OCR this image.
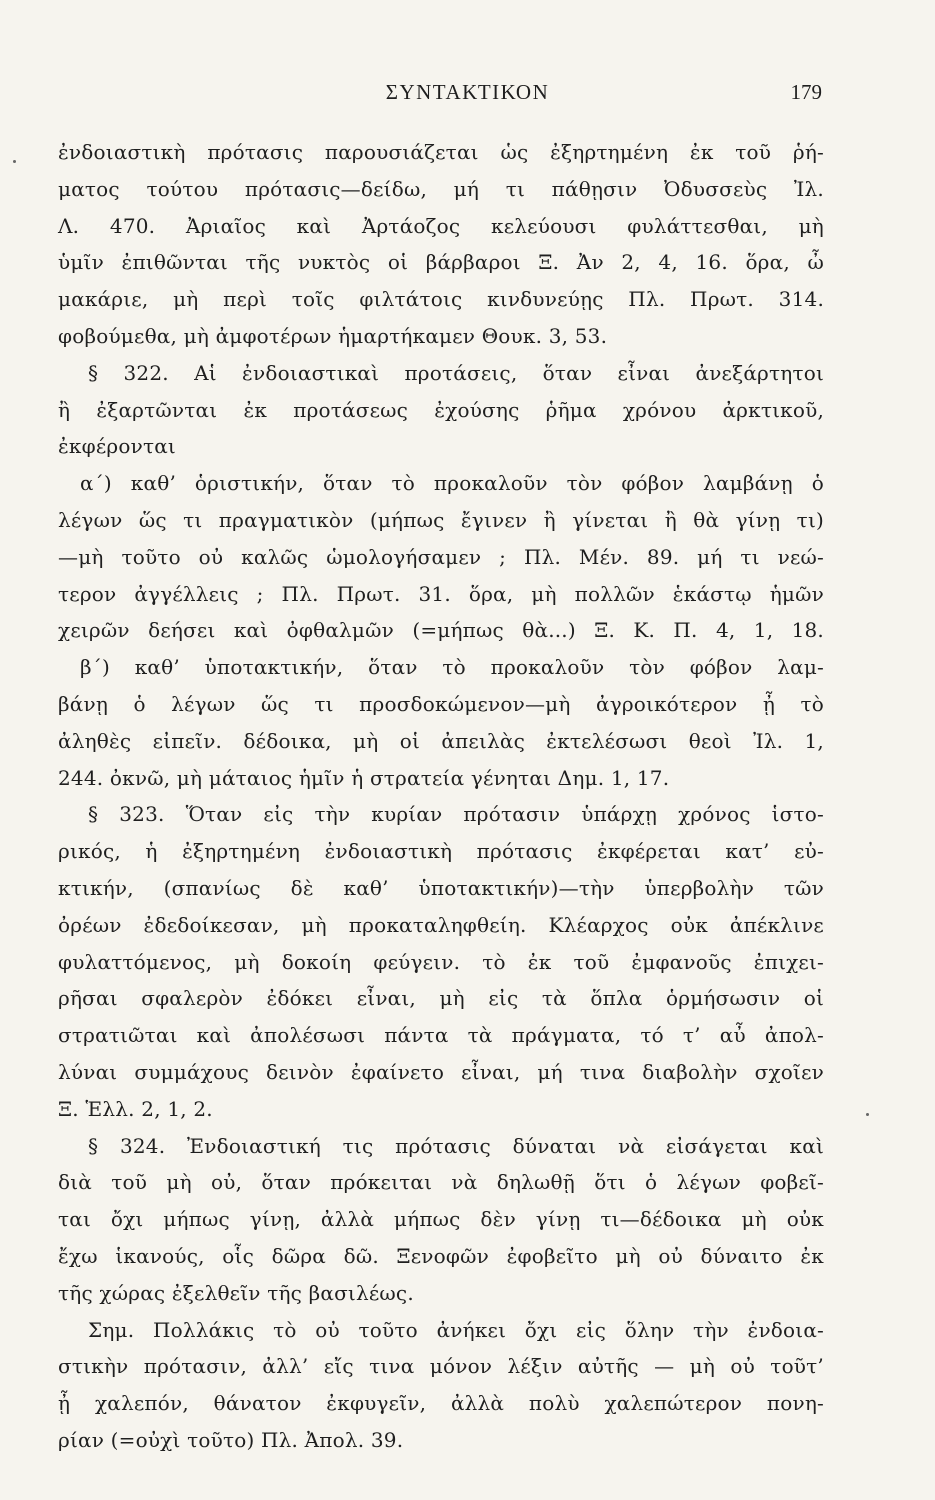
ΣΥΝΤΑΚΤΙΚΟΝ	179
ἐνδοιαστικὴ πρότασις παρουσιάζεται ὡς ἐξηρτημένη ἐκ τοῦ ῥή-
ματος τούτου πρότασις—δείδω, μή τι πάθῃσιν Ὀδυσσεὺς Ἰλ.
Λ. 470. Ἀριαῖος καὶ Ἀρτάοζος κελεύουσι φυλάττεσθαι, μὴ
ὑμῖν ἐπιθῶνται τῆς νυκτὸς οἱ βάρβαροι Ξ. Ἀν 2, 4, 16. ὅρα, ὦ
μακάριε, μὴ περὶ τοῖς φιλτάτοις κινδυνεύῃς Πλ. Πρωτ. 314.
φοβούμεθα, μὴ ἀμφοτέρων ἡμαρτήκαμεν Θουκ. 3, 53.
§ 322. Αἱ ἐνδοιαστικαὶ προτάσεις, ὅταν εἶναι ἀνεξάρτητοι
ἢ ἐξαρτῶνται ἐκ προτάσεως ἐχούσης ῥῆμα χρόνου ἀρκτικοῦ,
ἐκφέρονται
α΄) καθ’ ὁριστικήν, ὅταν τὸ προκαλοῦν τὸν φόβον λαμβάνῃ ὁ
λέγων ὥς τι πραγματικὸν (μήπως ἔγινεν ἢ γίνεται ἢ θὰ γίνῃ τι)
—μὴ τοῦτο οὐ καλῶς ὡμολογήσαμεν ; Πλ. Μέν. 89. μή τι νεώ-
τερον ἀγγέλλεις ; Πλ. Πρωτ. 31. ὅρα, μὴ πολλῶν ἑκάστῳ ἡμῶν
χειρῶν δεήσει καὶ ὀφθαλμῶν (=μήπως θὰ...) Ξ. Κ. Π. 4, 1, 18.
β΄) καθ’ ὑποτακτικήν, ὅταν τὸ προκαλοῦν τὸν φόβον λαμ-
βάνῃ ὁ λέγων ὥς τι προσδοκώμενον—μὴ ἀγροικότερον ᾖ τὸ
ἀληθὲς εἰπεῖν. δέδοικα, μὴ οἱ ἀπειλὰς ἐκτελέσωσι θεοὶ Ἰλ. 1,
244. ὀκνῶ, μὴ μάταιος ἡμῖν ἡ στρατεία γένηται Δημ. 1, 17.
§ 323. Ὅταν εἰς τὴν κυρίαν πρότασιν ὑπάρχῃ χρόνος ἱστο-
ρικός, ἡ ἐξηρτημένη ἐνδοιαστικὴ πρότασις ἐκφέρεται κατ’ εὐ-
κτικήν, (σπανίως δὲ καθ’ ὑποτακτικήν)—τὴν ὑπερβολὴν τῶν
ὀρέων ἐδεδοίκεσαν, μὴ προκαταληφθείη. Κλέαρχος οὐκ ἀπέκλινε
φυλαττόμενος, μὴ δοκοίη φεύγειν. τὸ ἐκ τοῦ ἐμφανοῦς ἐπιχει-
ρῆσαι σφαλερὸν ἐδόκει εἶναι, μὴ εἰς τὰ ὅπλα ὁρμήσωσιν οἱ
στρατιῶται καὶ ἀπολέσωσι πάντα τὰ πράγματα, τό τ’ αὖ ἀπολ-
λύναι συμμάχους δεινὸν ἐφαίνετο εἶναι, μή τινα διαβολὴν σχοῖεν
Ξ. Ἑλλ. 2, 1, 2.
§ 324. Ἐνδοιαστική τις πρότασις δύναται νὰ εἰσάγεται καὶ
διὰ τοῦ μὴ οὐ, ὅταν πρόκειται νὰ δηλωθῇ ὅτι ὁ λέγων φοβεῖ-
ται ὄχι μήπως γίνῃ, ἀλλὰ μήπως δὲν γίνῃ τι—δέδοικα μὴ οὐκ
ἔχω ἱκανούς, οἷς δῶρα δῶ. Ξενοφῶν ἐφοβεῖτο μὴ οὐ δύναιτο ἐκ
τῆς χώρας ἐξελθεῖν τῆς βασιλέως.
Σημ. Πολλάκις τὸ οὐ τοῦτο ἀνήκει ὄχι εἰς ὅλην τὴν ἐνδοια-
στικὴν πρότασιν, ἀλλ’ εἴς τινα μόνον λέξιν αὐτῆς — μὴ οὐ τοῦτ’
ᾖ χαλεπόν, θάνατον ἐκφυγεῖν, ἀλλὰ πολὺ χαλεπώτερον πονη-
ρίαν (=οὐχὶ τοῦτο) Πλ. Ἀπολ. 39.
